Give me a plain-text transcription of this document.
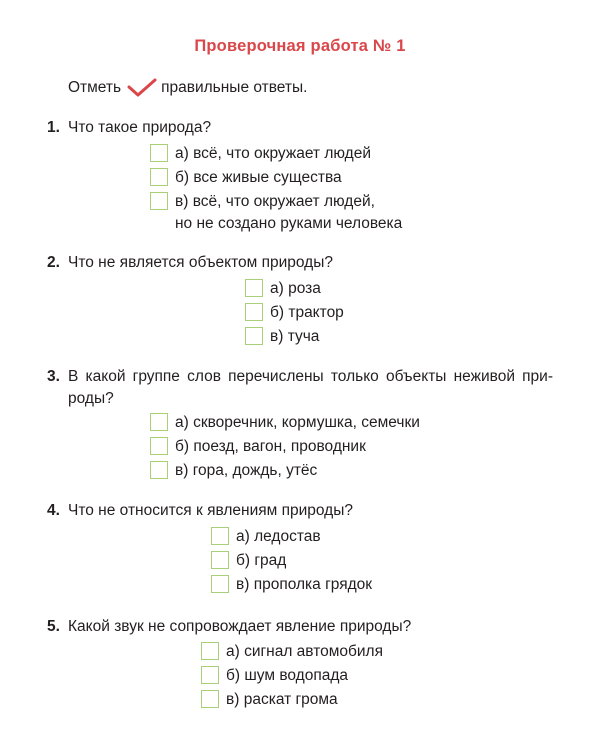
Проверочная работа № 1
Отметь	правильные ответы.
1. Что такое природа?
а) всё, что окружает людей
б) все живые существа
в) всё, что окружает людей,
но не создано руками человека
2. Что не является объектом природы?
а) роза
б) трактор
в) туча
3. В какой группе слов перечислены только объекты неживой при-роды?
а) скворечник, кормушка, семечки
б) поезд, вагон, проводник
в) гора, дождь, утёс
4. Что не относится к явлениям природы?
а) ледостав
б) град
в) прополка грядок
5. Какой звук не сопровождает явление природы?
а) сигнал автомобиля
б) шум водопада
в) раскат грома
